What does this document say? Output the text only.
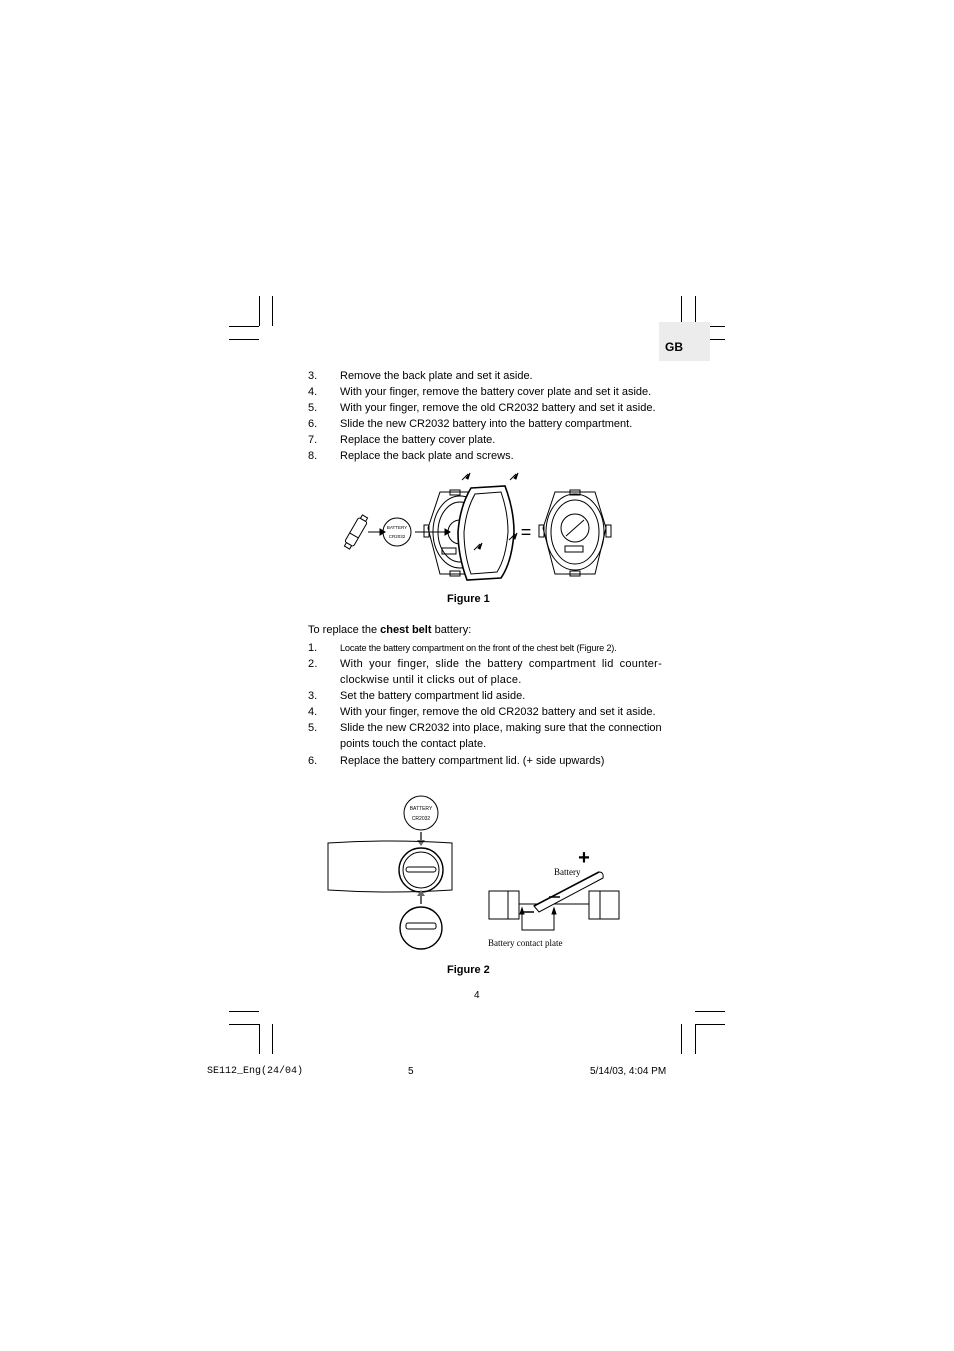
GB
3. Remove the back plate and set it aside.
4. With your finger, remove the battery cover plate and set it aside.
5. With your finger, remove the old CR2032 battery and set it aside.
6. Slide the new CR2032 battery into the battery compartment.
7. Replace the battery cover plate.
8. Replace the back plate and screws.
BATTERY
CR2032	=
Figure 1
To replace the chest belt battery:
1. Locate the battery compartment on the front of the chest belt (Figure 2).
2. With your finger, slide the battery compartment lid counter-clockwise until it clicks out of place.
3. Set the battery compartment lid aside.
4. With your finger, remove the old CR2032 battery and set it aside.
5. Slide the new CR2032 into place, making sure that the connection points touch the contact plate.
6. Replace the battery compartment lid. (+ side upwards)
BATTERY
CR2032
+
Battery
Battery contact plate
Figure 2
4
SE112_Eng(24/04)	5	5/14/03, 4:04 PM
